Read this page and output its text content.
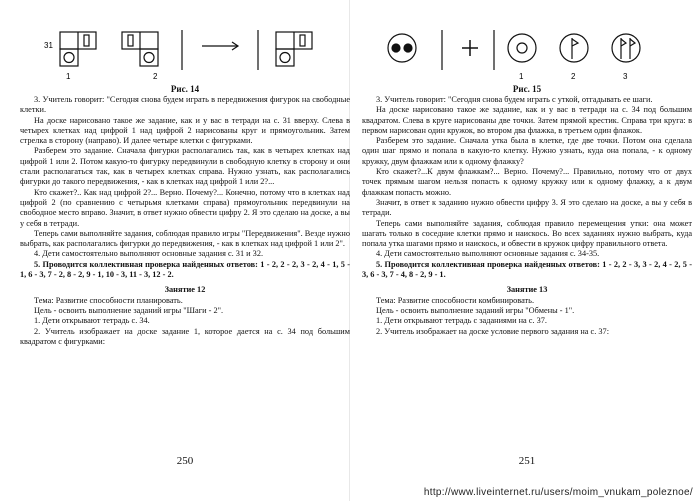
31
1	2
Рис. 14

3. Учитель говорит: "Сегодня снова будем играть в передвижения фигурок на свободные клетки.

На доске нарисовано такое же задание, как и у вас в тетради на с. 31 вверху. Слева в четырех клетках над цифрой 1 над цифрой 2 нарисованы круг и прямоугольник. Затем стрелка в сторону (направо). И далее четыре клетки с фигурками.

Разберем это задание. Сначала фигурки располагались так, как в четырех клетках над цифрой 1 или 2. Потом какую-то фигурку передвинули в свободную клетку в сторону и они стали располагаться так, как в четырех клетках справа. Нужно узнать, как располагались фигурки до такого передвижения, - как в клетках над цифрой 1 или 2?...

Кто скажет?.. Как над цифрой 2?... Верно. Почему?... Конечно, потому что в клетках над цифрой 2 (по сравнению с четырьмя клетками справа) прямоугольник передвинули на свободное место вправо. Значит, в ответ нужно обвести цифру 2. Я это сделаю на доске, а вы у себя в тетради.

Теперь сами выполняйте задания, соблюдая правило игры "Передвижения". Везде нужно выбрать, как располагались фигурки до передвижения, - как в клетках над цифрой 1 или 2".

4. Дети самостоятельно выполняют основные задания с. 31 и 32.

5. Проводится коллективная проверка найденных ответов: 1 - 2, 2 - 2, 3 - 2, 4 - 1, 5 - 1, 6 - 3, 7 - 2, 8 - 2, 9 - 1, 10 - 3, 11 - 3, 12 - 2.

Занятие 12

Тема: Развитие способности планировать.

Цель - освоить выполнение заданий игры "Шаги - 2".

1. Дети открывают тетрадь с. 34.

2. Учитель изображает на доске задание 1, которое дается на с. 34 под большим квадратом с фигурками:

250
1	2	3
Рис. 15

3. Учитель говорит: "Сегодня снова будем играть с уткой, отгадывать ее шаги.

На доске нарисовано такое же задание, как и у вас в тетради на с. 34 под большим квадратом. Слева в круге нарисованы две точки. Затем прямой крестик. Справа три круга: в первом нарисован один кружок, во втором два флажка, в третьем один флажок.

Разберем это задание. Сначала утка была в клетке, где две точки. Потом она сделала один шаг прямо и попала в какую-то клетку. Нужно узнать, куда она попала, - к одному кружку, двум флажкам или к одному флажку?

Кто скажет?...К двум флажкам?... Верно. Почему?... Правильно, потому что от двух точек прямым шагом нельзя попасть к одному кружку или к одному флажку, а к двум флажкам попасть можно.

Значит, в ответ к заданию нужно обвести цифру 3. Я это сделаю на доске, а вы у себя в тетради.

Теперь сами выполняйте задания, соблюдая правило перемещения утки: она может шагать только в соседние клетки прямо и наискось. Во всех заданиях нужно выбрать, куда попала утка шагами прямо и наискось, и обвести в кружок цифру правильного ответа.

4. Дети самостоятельно выполняют основные задания с. 34-35.

5. Проводится коллективная проверка найденных ответов: 1 - 2, 2 - 3, 3 - 2, 4 - 2, 5 - 3, 6 - 3, 7 - 4, 8 - 2, 9 - 1.

Занятие 13

Тема: Развитие способности комбинировать.

Цель - освоить выполнение заданий игры "Обмены - 1".

1. Дети открывают тетрадь с заданиями на с. 37.

2. Учитель изображает на доске условие первого задания на с. 37:

251
http://www.liveinternet.ru/users/moim_vnukam_poleznoe/
